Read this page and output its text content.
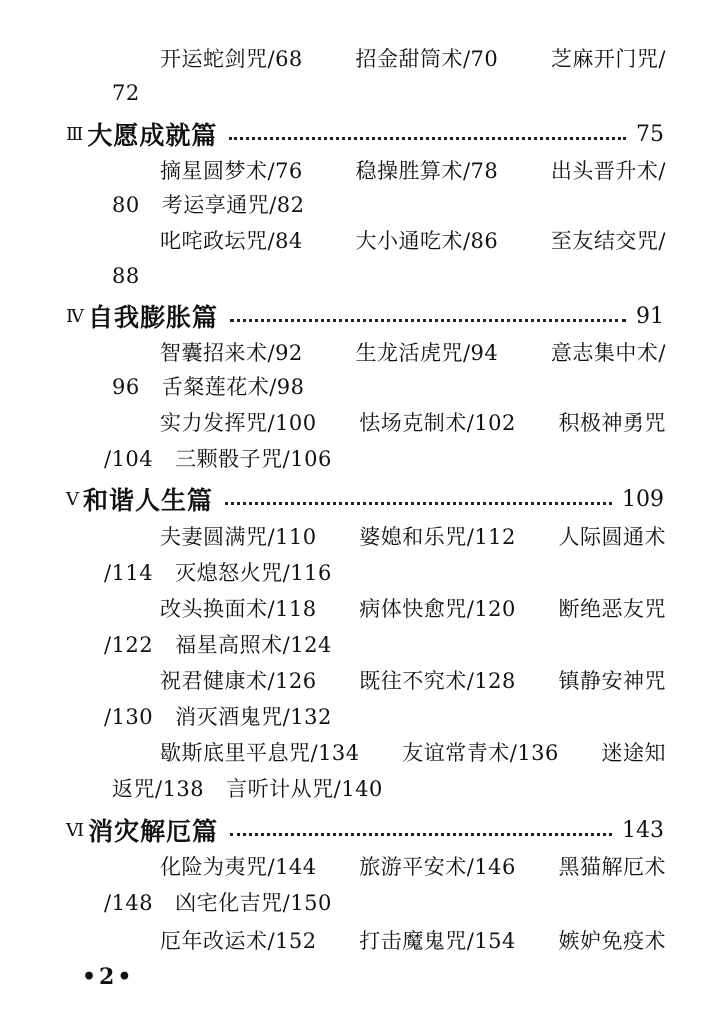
开运蛇剑咒/68	招金甜筒术/70	芝麻开门咒/
72
Ⅲ 大愿成就篇	75
摘星圆梦术/76	稳操胜算术/78	出头晋升术/
80 考运享通咒/82
叱咤政坛咒/84	大小通吃术/86	至友结交咒/
88
Ⅳ 自我膨胀篇	91
智囊招来术/92	生龙活虎咒/94	意志集中术/
96 舌粲莲花术/98
实力发挥咒/100 怯场克制术/102 积极神勇咒
/104 三颗骰子咒/106
Ⅴ 和谐人生篇	109
夫妻圆满咒/110 婆媳和乐咒/112 人际圆通术
/114 灭熄怒火咒/116
改头换面术/118 病体快愈咒/120 断绝恶友咒
/122 福星高照术/124
祝君健康术/126 既往不究术/128 镇静安神咒
/130 消灭酒鬼咒/132
歇斯底里平息咒/134 友谊常青术/136 迷途知
返咒/138 言听计从咒/140
Ⅵ 消灾解厄篇	143
化险为夷咒/144 旅游平安术/146 黑猫解厄术
/148 凶宅化吉咒/150
厄年改运术/152 打击魔鬼咒/154 嫉妒免疫术
•2•
